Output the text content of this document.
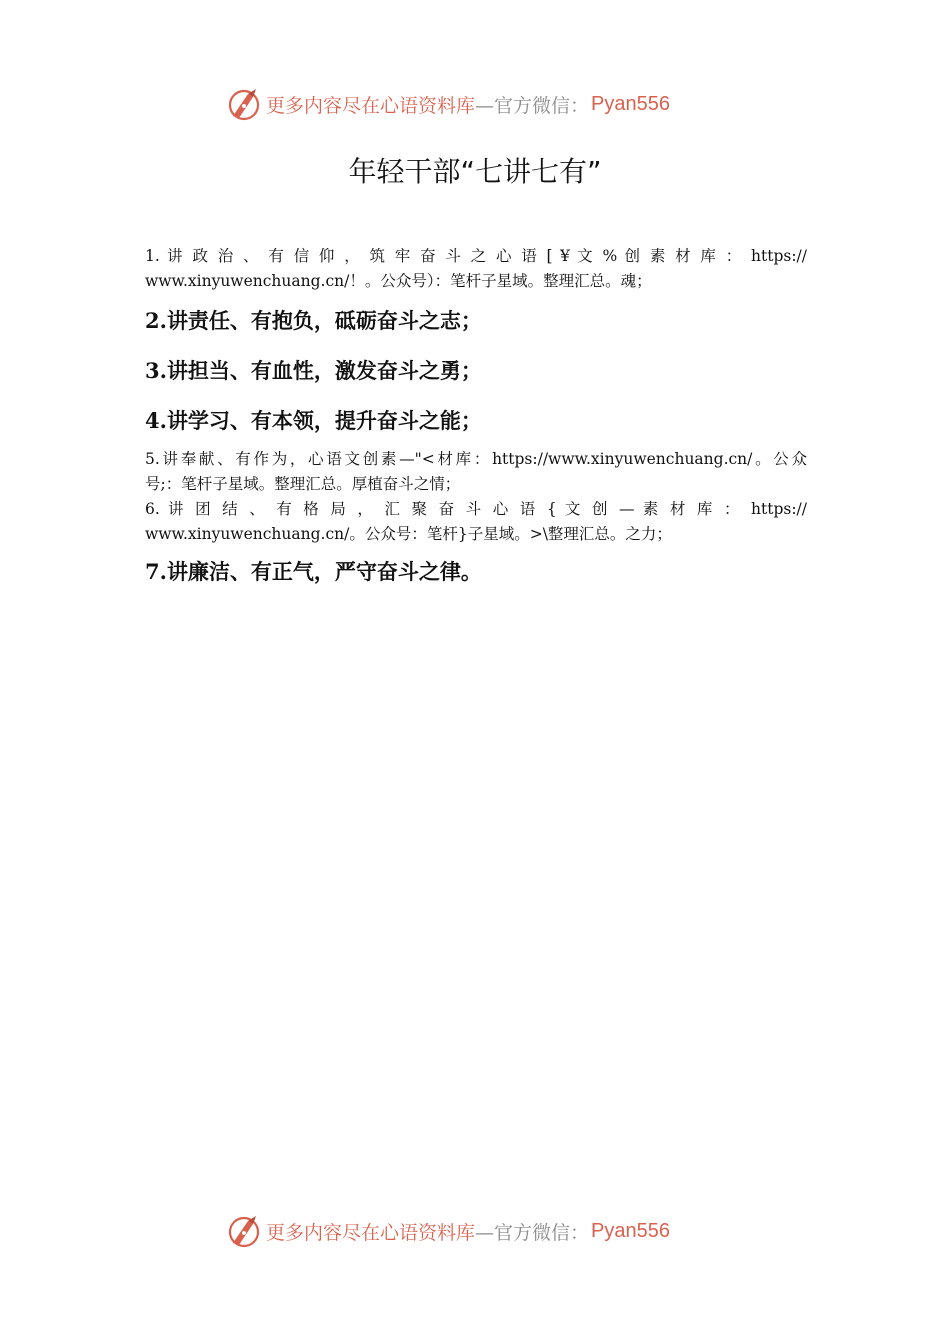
更多内容尽在心语资料库 —官方微信： Pyan556
年轻干部“七讲七有”

1. 讲 政 治 、 有 信 仰 ， 筑 牢 奋 斗 之 心 语 [ ¥ 文 % 创 素 材 库 ： https://
www.xinyuwenchuang.cn/！。公众号）：笔杆子星域。整理汇总。魂；

2.讲责任、有抱负，砥砺奋斗之志；

3.讲担当、有血性，激发奋斗之勇；

4.讲学习、有本领，提升奋斗之能；

5.讲奉献、有作为，心语文创素—"<材库：https://www.xinyuwenchuang.cn/。公众
号;：笔杆子星域。整理汇总。厚植奋斗之情；

6. 讲 团 结 、 有 格 局 ， 汇 聚 奋 斗 心 语 { 文 创 — 素 材 库 ： https://
www.xinyuwenchuang.cn/。公众号：笔杆}子星域。>\整理汇总。之力；

7.讲廉洁、有正气，严守奋斗之律。

更多内容尽在心语资料库 —官方微信： Pyan556
